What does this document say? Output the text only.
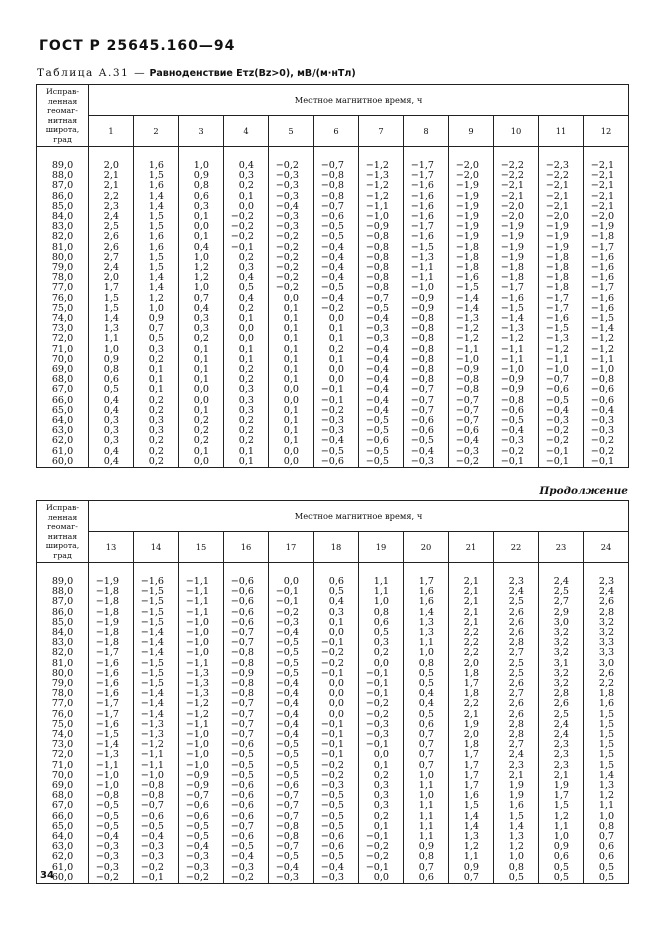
ГОСТ Р 25645.160—94
Таблица А.31 — Равноденствие Eτz(Bz>0), мВ/(м·нТл)
Исправ-ленная геомаг-нитная широта, град	Местное магнитное время, ч											
	1	2	3	4	5	6	7	8	9	10	11	12

89,0	2,0	1,6	1,0	0,4	−0,2	−0,7	−1,2	−1,7	−2,0	−2,2	−2,3	−2,1
88,0	2,1	1,5	0,9	0,3	−0,3	−0,8	−1,3	−1,7	−2,0	−2,2	−2,2	−2,1
87,0	2,1	1,6	0,8	0,2	−0,3	−0,8	−1,2	−1,6	−1,9	−2,1	−2,1	−2,1
86,0	2,2	1,4	0,6	0,1	−0,3	−0,8	−1,2	−1,6	−1,9	−2,1	−2,1	−2,1
85,0	2,3	1,4	0,3	0,0	−0,4	−0,7	−1,1	−1,6	−1,9	−2,0	−2,1	−2,1
84,0	2,4	1,5	0,1	−0,2	−0,3	−0,6	−1,0	−1,6	−1,9	−2,0	−2,0	−2,0
83,0	2,5	1,5	0,0	−0,2	−0,3	−0,5	−0,9	−1,7	−1,9	−1,9	−1,9	−1,9
82,0	2,6	1,6	0,1	−0,2	−0,2	−0,5	−0,8	−1,6	−1,9	−1,9	−1,9	−1,8
81,0	2,6	1,6	0,4	−0,1	−0,2	−0,4	−0,8	−1,5	−1,8	−1,9	−1,9	−1,7
80,0	2,7	1,5	1,0	0,2	−0,2	−0,4	−0,8	−1,3	−1,8	−1,9	−1,8	−1,6
79,0	2,4	1,5	1,2	0,3	−0,2	−0,4	−0,8	−1,1	−1,8	−1,8	−1,8	−1,6
78,0	2,0	1,4	1,2	0,4	−0,2	−0,4	−0,8	−1,1	−1,6	−1,8	−1,8	−1,6
77,0	1,7	1,4	1,0	0,5	−0,2	−0,5	−0,8	−1,0	−1,5	−1,7	−1,8	−1,7
76,0	1,5	1,2	0,7	0,4	0,0	−0,4	−0,7	−0,9	−1,4	−1,6	−1,7	−1,6
75,0	1,5	1,0	0,4	0,2	0,1	−0,2	−0,5	−0,9	−1,4	−1,5	−1,7	−1,6
74,0	1,4	0,9	0,3	0,1	0,1	0,0	−0,4	−0,8	−1,3	−1,4	−1,6	−1,5
73,0	1,3	0,7	0,3	0,0	0,1	0,1	−0,3	−0,8	−1,2	−1,3	−1,5	−1,4
72,0	1,1	0,5	0,2	0,0	0,1	0,1	−0,3	−0,8	−1,2	−1,2	−1,3	−1,2
71,0	1,0	0,3	0,1	0,1	0,1	0,2	−0,4	−0,8	−1,1	−1,1	−1,2	−1,2
70,0	0,9	0,2	0,1	0,1	0,1	0,1	−0,4	−0,8	−1,0	−1,1	−1,1	−1,1
69,0	0,8	0,1	0,1	0,2	0,1	0,0	−0,4	−0,8	−0,9	−1,0	−1,0	−1,0
68,0	0,6	0,1	0,1	0,2	0,1	0,0	−0,4	−0,8	−0,8	−0,9	−0,7	−0,8
67,0	0,5	0,1	0,0	0,3	0,0	−0,1	−0,4	−0,7	−0,8	−0,9	−0,6	−0,6
66,0	0,4	0,2	0,0	0,3	0,0	−0,1	−0,4	−0,7	−0,7	−0,8	−0,5	−0,6
65,0	0,4	0,2	0,1	0,3	0,1	−0,2	−0,4	−0,7	−0,7	−0,6	−0,4	−0,4
64,0	0,3	0,3	0,2	0,2	0,1	−0,3	−0,5	−0,6	−0,7	−0,5	−0,3	−0,3
63,0	0,3	0,3	0,2	0,2	0,1	−0,3	−0,5	−0,6	−0,6	−0,4	−0,2	−0,3
62,0	0,3	0,2	0,2	0,2	0,1	−0,4	−0,6	−0,5	−0,4	−0,3	−0,2	−0,2
61,0	0,4	0,2	0,1	0,1	0,0	−0,5	−0,5	−0,4	−0,3	−0,2	−0,1	−0,2
60,0	0,4	0,2	0,0	0,1	0,0	−0,6	−0,5	−0,3	−0,2	−0,1	−0,1	−0,1
Продолжение
Исправ-ленная геомаг-нитная широта, град	Местное магнитное время, ч											
	13	14	15	16	17	18	19	20	21	22	23	24

89,0	−1,9	−1,6	−1,1	−0,6	0,0	0,6	1,1	1,7	2,1	2,3	2,4	2,3
88,0	−1,8	−1,5	−1,1	−0,6	−0,1	0,5	1,1	1,6	2,1	2,4	2,5	2,4
87,0	−1,8	−1,5	−1,1	−0,6	−0,1	0,4	1,0	1,6	2,1	2,5	2,7	2,6
86,0	−1,8	−1,5	−1,1	−0,6	−0,2	0,3	0,8	1,4	2,1	2,6	2,9	2,8
85,0	−1,9	−1,5	−1,0	−0,6	−0,3	0,1	0,6	1,3	2,1	2,6	3,0	3,2
84,0	−1,8	−1,4	−1,0	−0,7	−0,4	0,0	0,5	1,3	2,2	2,6	3,2	3,2
83,0	−1,8	−1,4	−1,0	−0,7	−0,5	−0,1	0,3	1,1	2,2	2,8	3,2	3,3
82,0	−1,7	−1,4	−1,0	−0,8	−0,5	−0,2	0,2	1,0	2,2	2,7	3,2	3,3
81,0	−1,6	−1,5	−1,1	−0,8	−0,5	−0,2	0,0	0,8	2,0	2,5	3,1	3,0
80,0	−1,6	−1,5	−1,3	−0,9	−0,5	−0,1	−0,1	0,5	1,8	2,5	3,2	2,6
79,0	−1,6	−1,5	−1,3	−0,8	−0,4	0,0	−0,1	0,5	1,7	2,6	3,2	2,2
78,0	−1,6	−1,4	−1,3	−0,8	−0,4	0,0	−0,1	0,4	1,8	2,7	2,8	1,8
77,0	−1,7	−1,4	−1,2	−0,7	−0,4	0,0	−0,2	0,4	2,2	2,6	2,6	1,6
76,0	−1,7	−1,4	−1,2	−0,7	−0,4	0,0	−0,2	0,5	2,1	2,6	2,5	1,5
75,0	−1,6	−1,3	−1,1	−0,7	−0,4	−0,1	−0,3	0,6	1,9	2,8	2,4	1,5
74,0	−1,5	−1,3	−1,0	−0,7	−0,4	−0,1	−0,3	0,7	2,0	2,8	2,4	1,5
73,0	−1,4	−1,2	−1,0	−0,6	−0,5	−0,1	−0,1	0,7	1,8	2,7	2,3	1,5
72,0	−1,3	−1,1	−1,0	−0,5	−0,5	−0,1	0,0	0,7	1,7	2,4	2,3	1,5
71,0	−1,1	−1,1	−1,0	−0,5	−0,5	−0,2	0,1	0,7	1,7	2,3	2,3	1,5
70,0	−1,0	−1,0	−0,9	−0,5	−0,5	−0,2	0,2	1,0	1,7	2,1	2,1	1,4
69,0	−1,0	−0,8	−0,9	−0,6	−0,6	−0,3	0,3	1,1	1,7	1,9	1,9	1,3
68,0	−0,8	−0,8	−0,7	−0,6	−0,7	−0,5	0,3	1,0	1,6	1,9	1,7	1,2
67,0	−0,5	−0,7	−0,6	−0,6	−0,7	−0,5	0,3	1,1	1,5	1,6	1,5	1,1
66,0	−0,5	−0,6	−0,6	−0,6	−0,7	−0,5	0,2	1,1	1,4	1,5	1,2	1,0
65,0	−0,5	−0,5	−0,5	−0,7	−0,8	−0,5	0,1	1,1	1,4	1,4	1,1	0,8
64,0	−0,4	−0,4	−0,5	−0,6	−0,8	−0,6	−0,1	1,1	1,3	1,3	1,0	0,7
63,0	−0,3	−0,3	−0,4	−0,5	−0,7	−0,6	−0,2	0,9	1,2	1,2	0,9	0,6
62,0	−0,3	−0,3	−0,3	−0,4	−0,5	−0,5	−0,2	0,8	1,1	1,0	0,6	0,6
61,0	−0,3	−0,2	−0,3	−0,3	−0,4	−0,4	−0,1	0,7	0,9	0,8	0,5	0,5
60,0	−0,2	−0,1	−0,2	−0,2	−0,3	−0,3	0,0	0,6	0,7	0,5	0,5	0,5
34
